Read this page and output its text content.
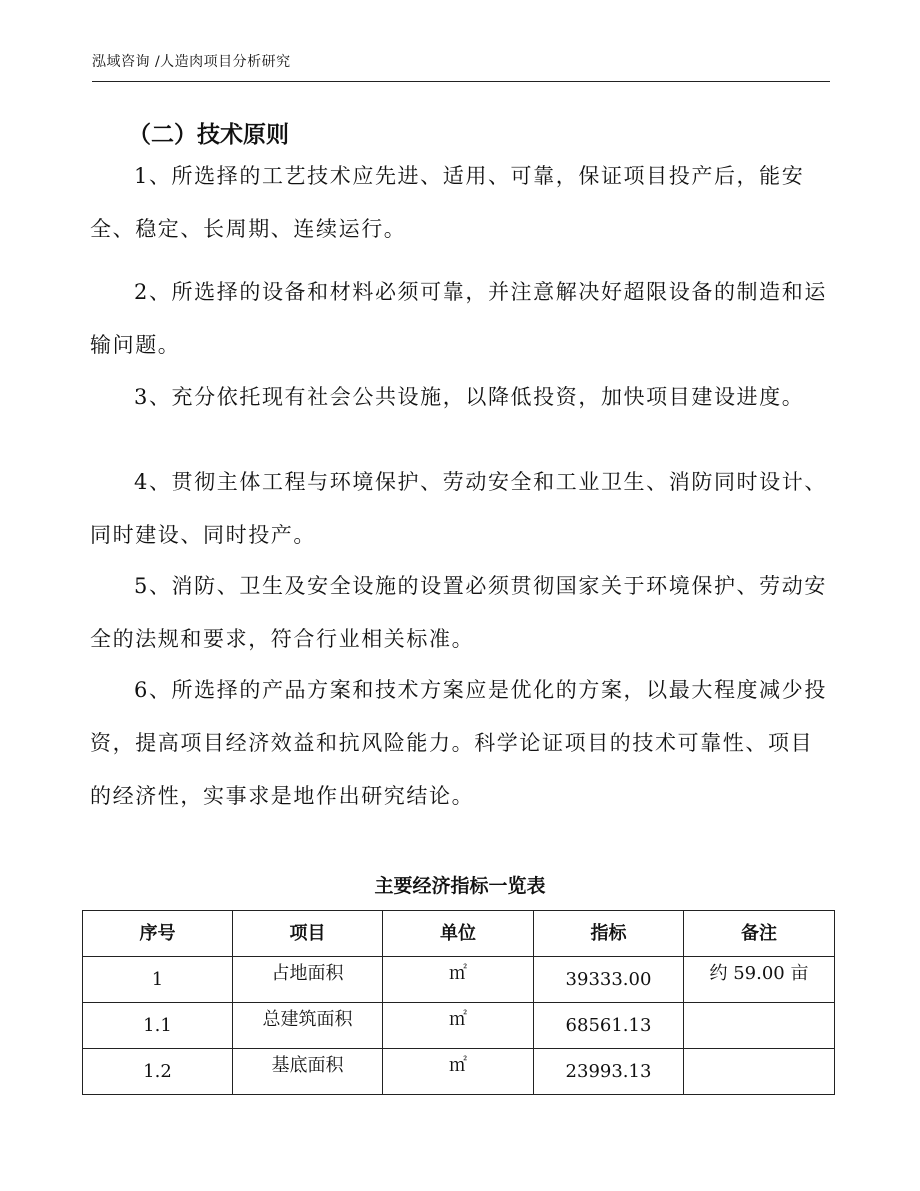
泓域咨询 /人造肉项目分析研究
（二）技术原则

1、所选择的工艺技术应先进、适用、可靠，保证项目投产后，能安全、稳定、长周期、连续运行。

2、所选择的设备和材料必须可靠，并注意解决好超限设备的制造和运输问题。

3、充分依托现有社会公共设施，以降低投资，加快项目建设进度。

4、贯彻主体工程与环境保护、劳动安全和工业卫生、消防同时设计、同时建设、同时投产。

5、消防、卫生及安全设施的设置必须贯彻国家关于环境保护、劳动安全的法规和要求，符合行业相关标准。

6、所选择的产品方案和技术方案应是优化的方案，以最大程度减少投资，提高项目经济效益和抗风险能力。科学论证项目的技术可靠性、项目的经济性，实事求是地作出研究结论。

主要经济指标一览表
序号	项目	单位	指标	备注
1	占地面积	㎡	39333.00	约 59.00 亩
1.1	总建筑面积	㎡	68561.13	
1.2	基底面积	㎡	23993.13	
